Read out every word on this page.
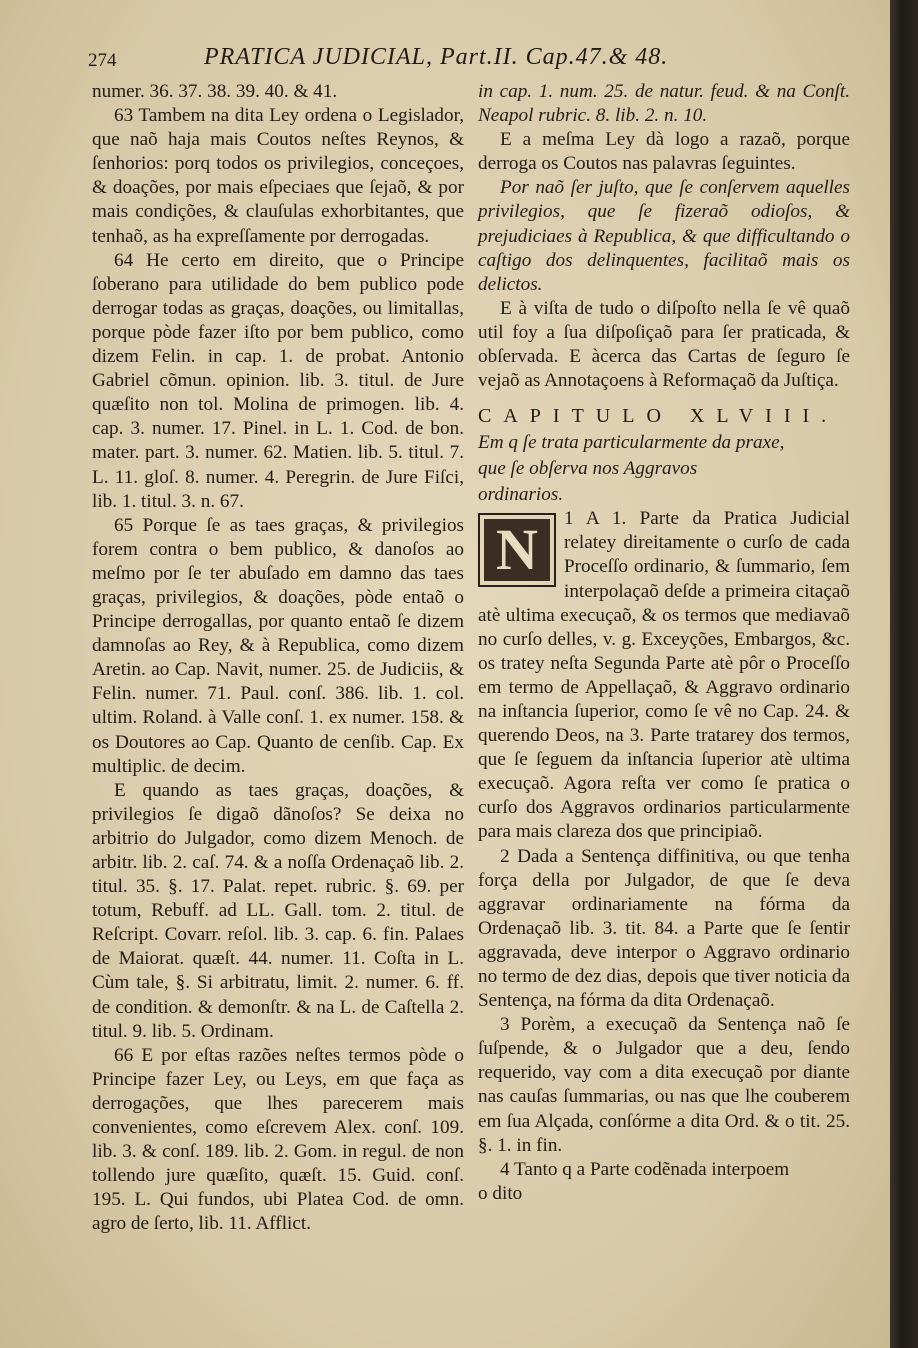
274	PRATICA JUDICIAL, Part.II. Cap.47.& 48.

numer. 36. 37. 38. 39. 40. & 41.

63 Tambem na dita Ley ordena o Legislador, que naõ haja mais Coutos neſtes Reynos, & ſenhorios: porq todos os privilegios, conceçoes, & doações, por mais eſpeciaes que ſejaõ, & por mais condições, & clauſulas exhorbitantes, que tenhaõ, as ha expreſſamente por derrogadas.

64 He certo em direito, que o Principe ſoberano para utilidade do bem publico pode derrogar todas as graças, doações, ou limitallas, porque pòde fazer iſto por bem publico, como dizem Felin. in cap. 1. de probat. Antonio Gabriel cõmun. opinion. lib. 3. titul. de Jure quæſito non tol. Molina de primogen. lib. 4. cap. 3. numer. 17. Pinel. in L. 1. Cod. de bon. mater. part. 3. numer. 62. Matien. lib. 5. titul. 7. L. 11. gloſ. 8. numer. 4. Peregrin. de Jure Fiſci, lib. 1. titul. 3. n. 67.

65 Porque ſe as taes graças, & privilegios forem contra o bem publico, & danoſos ao meſmo por ſe ter abuſado em damno das taes graças, privilegios, & doações, pòde entaõ o Principe derrogallas, por quanto entaõ ſe dizem damnoſas ao Rey, & à Republica, como dizem Aretin. ao Cap. Navit, numer. 25. de Judiciis, & Felin. numer. 71. Paul. conſ. 386. lib. 1. col. ultim. Roland. à Valle conſ. 1. ex numer. 158. & os Doutores ao Cap. Quanto de cenſib. Cap. Ex multiplic. de decim.

E quando as taes graças, doações, & privilegios ſe digaõ dãnoſos? Se deixa no arbitrio do Julgador, como dizem Menoch. de arbitr. lib. 2. caſ. 74. & a noſſa Ordenaçaõ lib. 2. titul. 35. §. 17. Palat. repet. rubric. §. 69. per totum, Rebuff. ad LL. Gall. tom. 2. titul. de Reſcript. Covarr. reſol. lib. 3. cap. 6. fin. Palaes de Maiorat. quæſt. 44. numer. 11. Coſta in L. Cùm tale, §. Si arbitratu, limit. 2. numer. 6. ff. de condition. & demonſtr. & na L. de Caſtella 2. titul. 9. lib. 5. Ordinam.

66 E por eſtas razões neſtes termos pòde o Principe fazer Ley, ou Leys, em que faça as derrogações, que lhes parecerem mais convenientes, como eſcrevem Alex. conſ. 109. lib. 3. & conſ. 189. lib. 2. Gom. in regul. de non tollendo jure quæſito, quæſt. 15. Guid. conſ. 195. L. Qui fundos, ubi Platea Cod. de omn. agro de ſerto, lib. 11. Afflict.

in cap. 1. num. 25. de natur. feud. & na Conſt. Neapol rubric. 8. lib. 2. n. 10.

E a meſma Ley dà logo a razaõ, porque derroga os Coutos nas palavras ſeguintes.

Por naõ ſer juſto, que ſe conſervem aquelles privilegios, que ſe fizeraõ odioſos, & prejudiciaes à Republica, & que difficultando o caſtigo dos delinquentes, facilitaõ mais os delictos.

E à viſta de tudo o diſpoſto nella ſe vê quaõ util foy a ſua diſpoſiçaõ para ſer praticada, & obſervada. E àcerca das Cartas de ſeguro ſe vejaõ as Annotaçoens à Reformaçaõ da Juſtiça.

CAPITULO XLVIII.
Em q ſe trata particularmente da praxe,
que ſe obſerva nos Aggravos
ordinarios.
N	1 A 1. Parte da Pratica Judicial relatey direitamente o curſo de cada Proceſſo ordinario, & ſummario, ſem interpolaçaõ deſde a primeira citaçaõ atè ultima execuçaõ, & os termos que mediavaõ no curſo delles, v. g. Exceyções, Embargos, &c. os tratey neſta Segunda Parte atè pôr o Proceſſo em termo de Appellaçaõ, & Aggravo ordinario na inſtancia ſuperior, como ſe vê no Cap. 24. & querendo Deos, na 3. Parte tratarey dos termos, que ſe ſeguem da inſtancia ſuperior atè ultima execuçaõ. Agora reſta ver como ſe pratica o curſo dos Aggravos ordinarios particularmente para mais clareza dos que principiaõ.

2 Dada a Sentença diffinitiva, ou que tenha força della por Julgador, de que ſe deva aggravar ordinariamente na fórma da Ordenaçaõ lib. 3. tit. 84. a Parte que ſe ſentir aggravada, deve interpor o Aggravo ordinario no termo de dez dias, depois que tiver noticia da Sentença, na fórma da dita Ordenaçaõ.

3 Porèm, a execuçaõ da Sentença naõ ſe ſuſpende, & o Julgador que a deu, ſendo requerido, vay com a dita execuçaõ por diante nas cauſas ſummarias, ou nas que lhe couberem em ſua Alçada, conſórme a dita Ord. & o tit. 25. §. 1. in fin.

4 Tanto q a Parte codẽnada interpoem

o dito
